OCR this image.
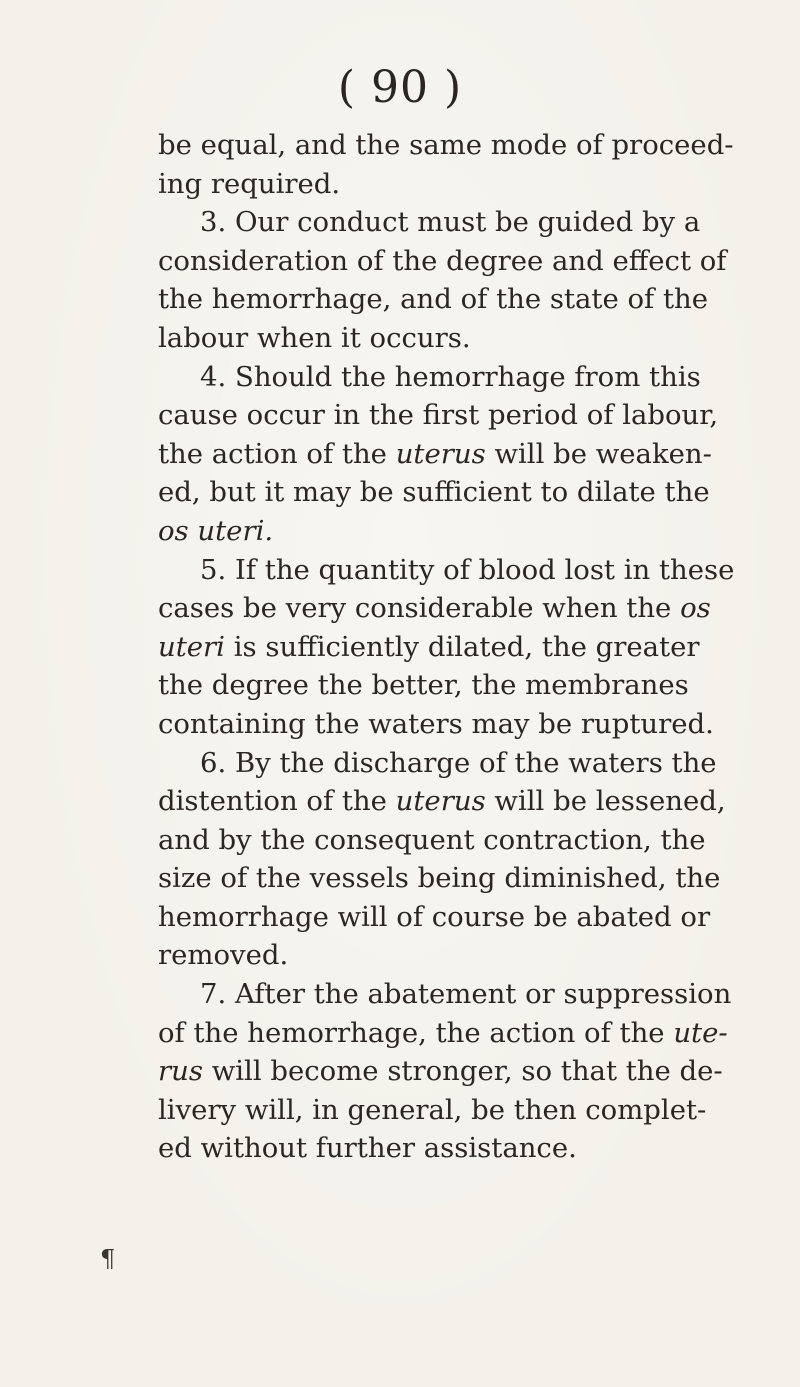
( 90 )
be equal, and the same mode of proceed-
ing required.
3. Our conduct must be guided by a
consideration of the degree and effect of
the hemorrhage, and of the state of the
labour when it occurs.
4. Should the hemorrhage from this
cause occur in the first period of labour,
the action of the uterus will be weaken-
ed, but it may be sufficient to dilate the
os uteri.
5. If the quantity of blood lost in these
cases be very considerable when the os
uteri is sufficiently dilated, the greater
the degree the better, the membranes
containing the waters may be ruptured.
6. By the discharge of the waters the
distention of the uterus will be lessened,
and by the consequent contraction, the
size of the vessels being diminished, the
hemorrhage will of course be abated or
removed.
7. After the abatement or suppression
of the hemorrhage, the action of the ute-
rus will become stronger, so that the de-
livery will, in general, be then complet-
ed without further assistance.
¶
